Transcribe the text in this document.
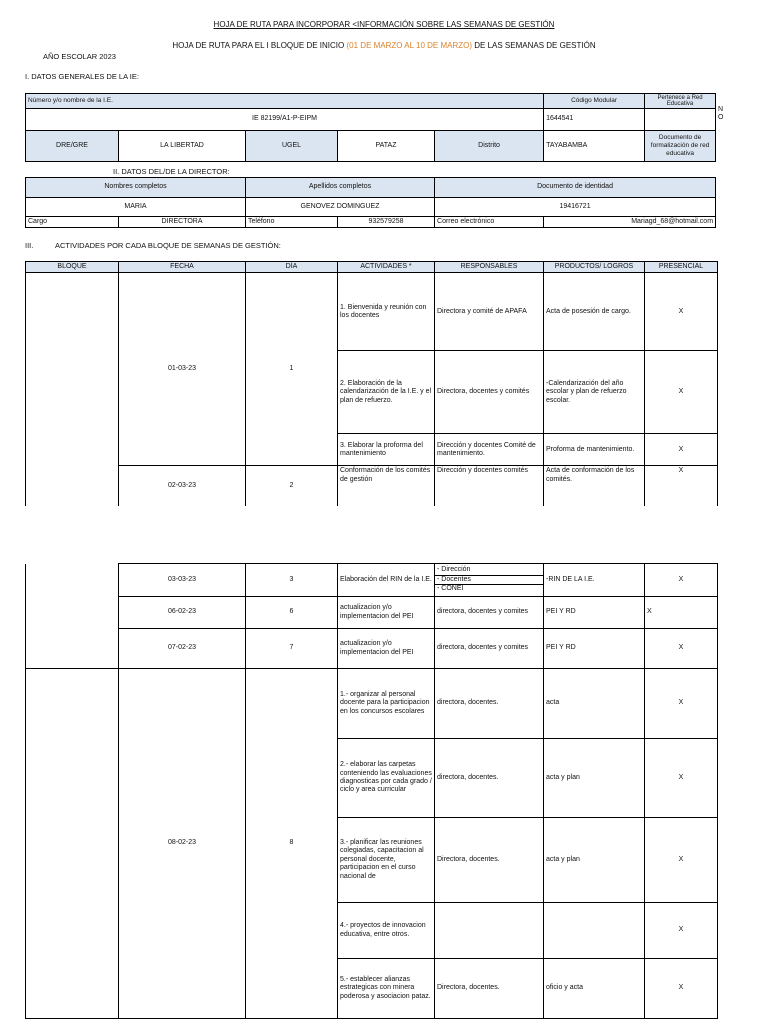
HOJA DE RUTA PARA INCORPORAR <INFORMACIÓN SOBRE LAS SEMANAS DE GESTIÓN
HOJA DE RUTA PARA EL I BLOQUE DE INICIO (01 DE MARZO AL 10 DE MARZO) DE LAS SEMANAS DE GESTIÓN
AÑO ESCOLAR 2023
I. DATOS GENERALES DE LA IE:
Número y/o nombre de la I.E.					Código Modular	Pertenece a Red Educativa
IE 82199/A1-P-EIPM					1644541	
DRE/GRE	LA LIBERTAD	UGEL	PATAZ	Distrito	TAYABAMBA	Documento de formalización de red educativa
NO
II. DATOS DEL/DE LA DIRECTOR:
Nombres completos		Apellidos completos		Documento de identidad	
MARIA		GENOVEZ DOMINGUEZ		19416721	
Cargo	DIRECTORA	Teléfono	932579258	Correo electrónico	Mariagd_68@hotmail.com
III.	ACTIVIDADES POR CADA BLOQUE DE SEMANAS DE GESTIÓN:
BLOQUE	FECHA	DÍA	ACTIVIDADES *	RESPONSABLES	PRODUCTOS/ LOGROS	PRESENCIAL
	01-03-23	1	1. Bienvenida y reunión con los docentes	Directora y comité de APAFA	Acta de posesión de cargo.	X
			2. Elaboración de la calendarización de la I.E. y el plan de refuerzo.	Directora, docentes y comités	-Calendarización del año escolar y plan de refuerzo escolar.	X
			3. Elaborar la proforma del mantenimiento	Dirección y docentes Comité de mantenimiento.	Proforma de mantenimiento.	X
	02-03-23	2	Conformación de los comités de gestión	Dirección y docentes comités	Acta de conformación de los comités.	X
	03-03-23	3	Elaboración del RIN de la I.E.	- Dirección
- Docentes
- CONEI	-RIN DE LA I.E.	X
	06-02-23	6	actualizacion y/o implementacion del PEI	directora, docentes y comites	PEI Y RD	X
	07-02-23	7	actualizacion y/o implementacion del PEI	directora, docentes y comites	PEI Y RD	X
	08-02-23	8	1.- organizar al personal docente para la participacion en los concursos escolares	directora, docentes.	acta	X
			2.- elaborar las carpetas conteniendo las evaluaciones diagnosticas por cada grado / ciclo y area curricular	directora, docentes.	acta y plan	X
			3.- planificar las reuniones colegiadas, capacitacion al personal docente, participacion en el curso nacional de	Directora, docentes.	acta y plan	X
			4.- proyectos de innovacion educativa, entre otros.			X
			5.- establecer alianzas estrategicas con minera poderosa y asociacion pataz.	Directora, docentes.	oficio y acta	X
